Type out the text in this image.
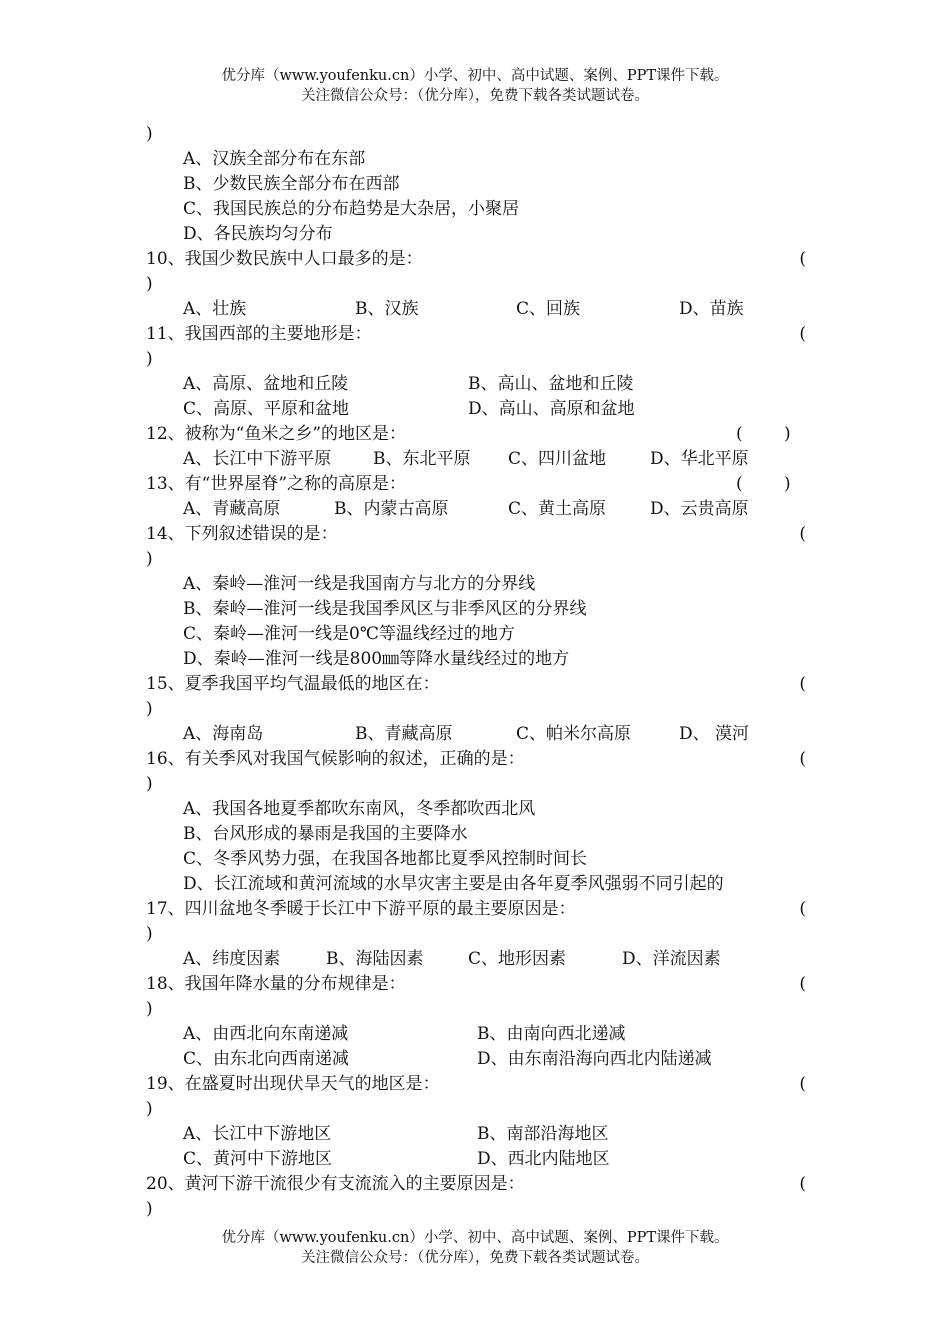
优分库（www.youfenku.cn）小学、初中、高中试题、案例、PPT课件下载。
关注微信公众号：（优分库），免费下载各类试题试卷。
)
A、汉族全部分布在东部
B、少数民族全部分布在西部
C、我国民族总的分布趋势是大杂居，小聚居
D、各民族均匀分布
10、我国少数民族中人口最多的是：	(
)
A、壮族	B、汉族	C、回族	D、苗族
11、我国西部的主要地形是：	(
)
A、高原、盆地和丘陵	B、高山、盆地和丘陵
C、高原、平原和盆地	D、高山、高原和盆地
12、被称为“鱼米之乡”的地区是：	( )
A、长江中下游平原 B、东北平原 C、四川盆地	D、华北平原
13、有“世界屋脊”之称的高原是：	( )
A、青藏高原	B、内蒙古高原	C、黄土高原	D、云贵高原
14、下列叙述错误的是：	(
)
A、秦岭—淮河一线是我国南方与北方的分界线
B、秦岭—淮河一线是我国季风区与非季风区的分界线
C、秦岭—淮河一线是0℃等温线经过的地方
D、秦岭—淮河一线是800㎜等降水量线经过的地方
15、夏季我国平均气温最低的地区在：	(
)
A、海南岛	B、青藏高原	C、帕米尔高原	D、 漠河
16、有关季风对我国气候影响的叙述，正确的是：	(
)
A、我国各地夏季都吹东南风，冬季都吹西北风
B、台风形成的暴雨是我国的主要降水
C、冬季风势力强，在我国各地都比夏季风控制时间长
D、长江流域和黄河流域的水旱灾害主要是由各年夏季风强弱不同引起的
17、四川盆地冬季暖于长江中下游平原的最主要原因是：	(
)
A、纬度因素	B、海陆因素	C、地形因素	D、洋流因素
18、我国年降水量的分布规律是：	(
)
A、由西北向东南递减	B、由南向西北递减
C、由东北向西南递减	D、由东南沿海向西北内陆递减
19、在盛夏时出现伏旱天气的地区是：	(
)
A、长江中下游地区	B、南部沿海地区
C、黄河中下游地区	D、西北内陆地区
20、黄河下游干流很少有支流流入的主要原因是：	(
)
优分库（www.youfenku.cn）小学、初中、高中试题、案例、PPT课件下载。
关注微信公众号：（优分库），免费下载各类试题试卷。
